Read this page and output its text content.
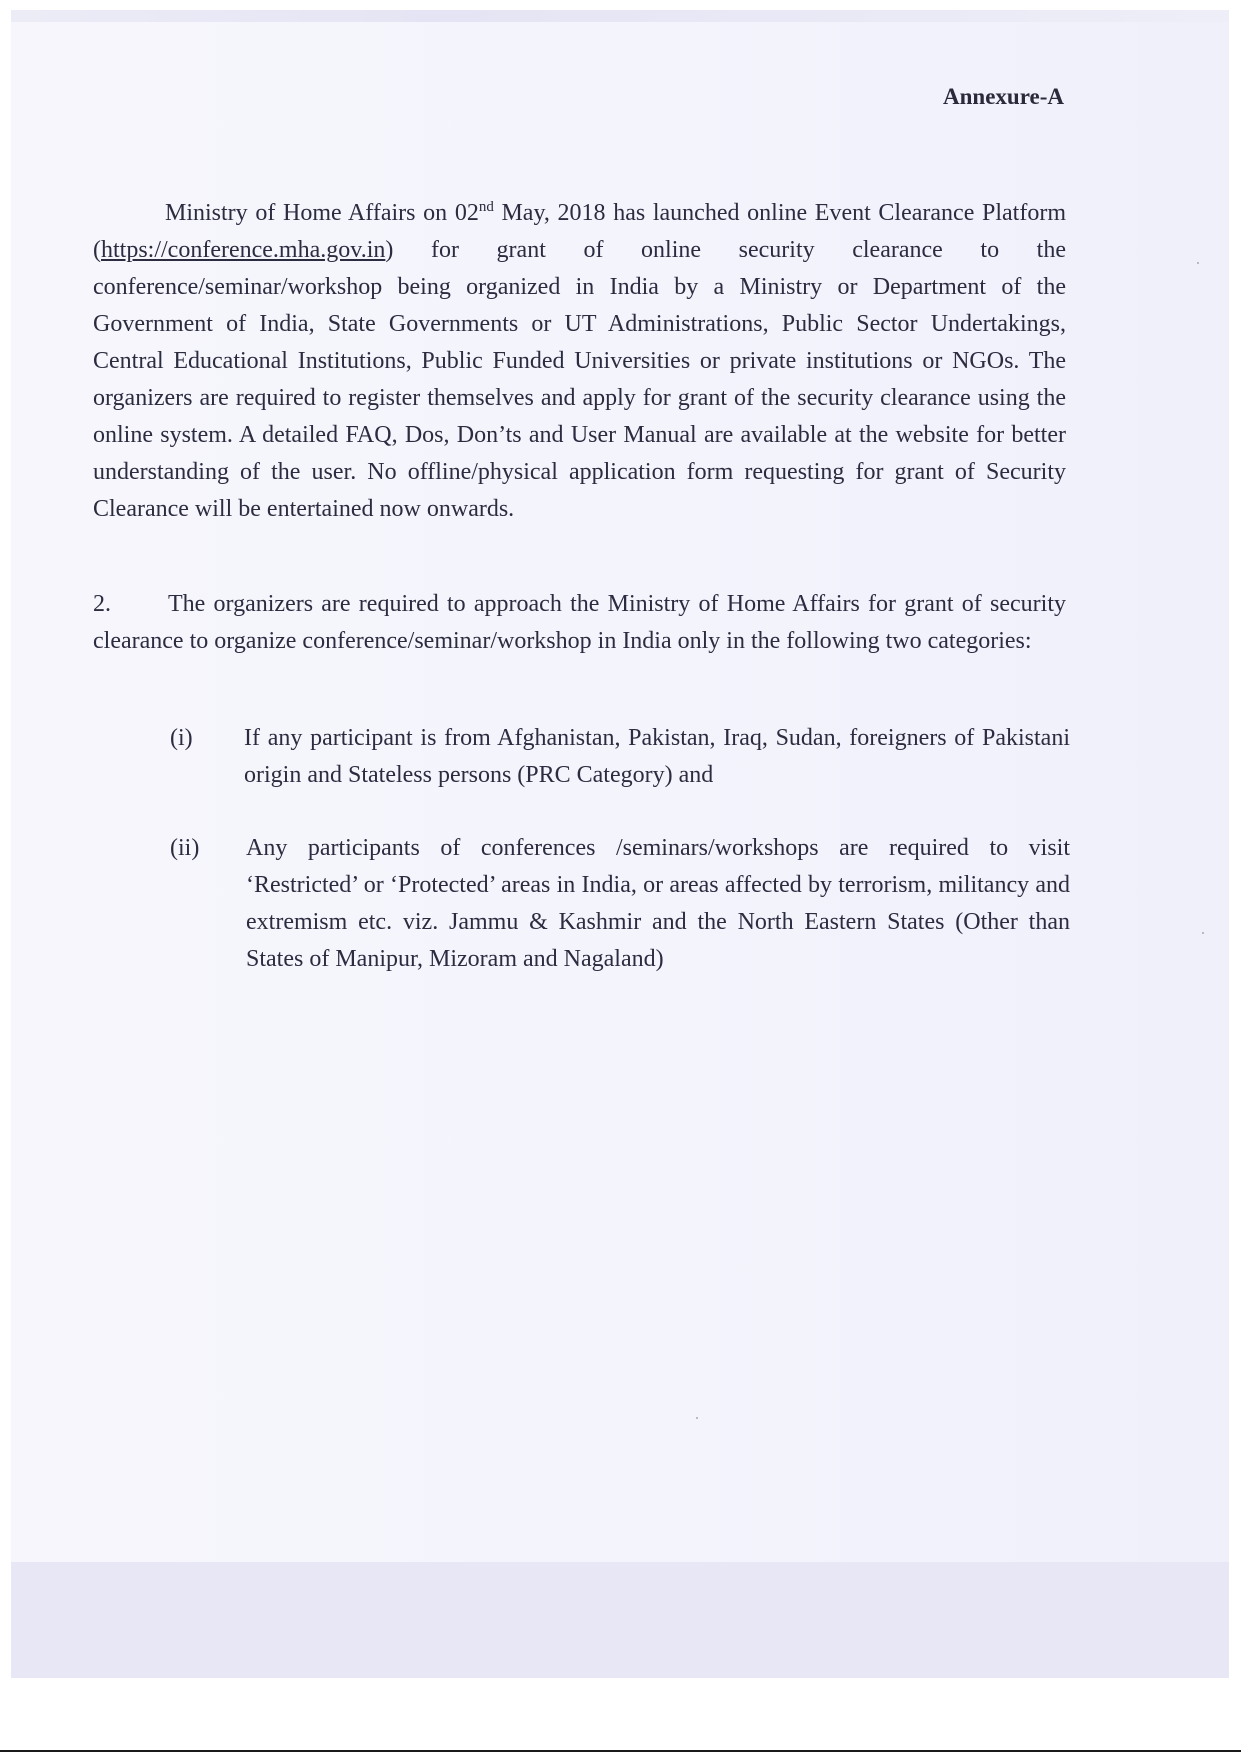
Annexure-A

Ministry of Home Affairs on 02nd May, 2018 has launched online Event Clearance Platform (https://conference.mha.gov.in) for grant of online security clearance to the conference/seminar/workshop being organized in India by a Ministry or Department of the Government of India, State Governments or UT Administrations, Public Sector Undertakings, Central Educational Institutions, Public Funded Universities or private institutions or NGOs. The organizers are required to register themselves and apply for grant of the security clearance using the online system. A detailed FAQ, Dos, Don’ts and User Manual are available at the website for better understanding of the user. No offline/physical application form requesting for grant of Security Clearance will be entertained now onwards.

2. The organizers are required to approach the Ministry of Home Affairs for grant of security clearance to organize conference/seminar/workshop in India only in the following two categories:

(i) If any participant is from Afghanistan, Pakistan, Iraq, Sudan, foreigners of Pakistani origin and Stateless persons (PRC Category) and

(ii) Any participants of conferences /seminars/workshops are required to visit ‘Restricted’ or ‘Protected’ areas in India, or areas affected by terrorism, militancy and extremism etc. viz. Jammu & Kashmir and the North Eastern States (Other than States of Manipur, Mizoram and Nagaland)
